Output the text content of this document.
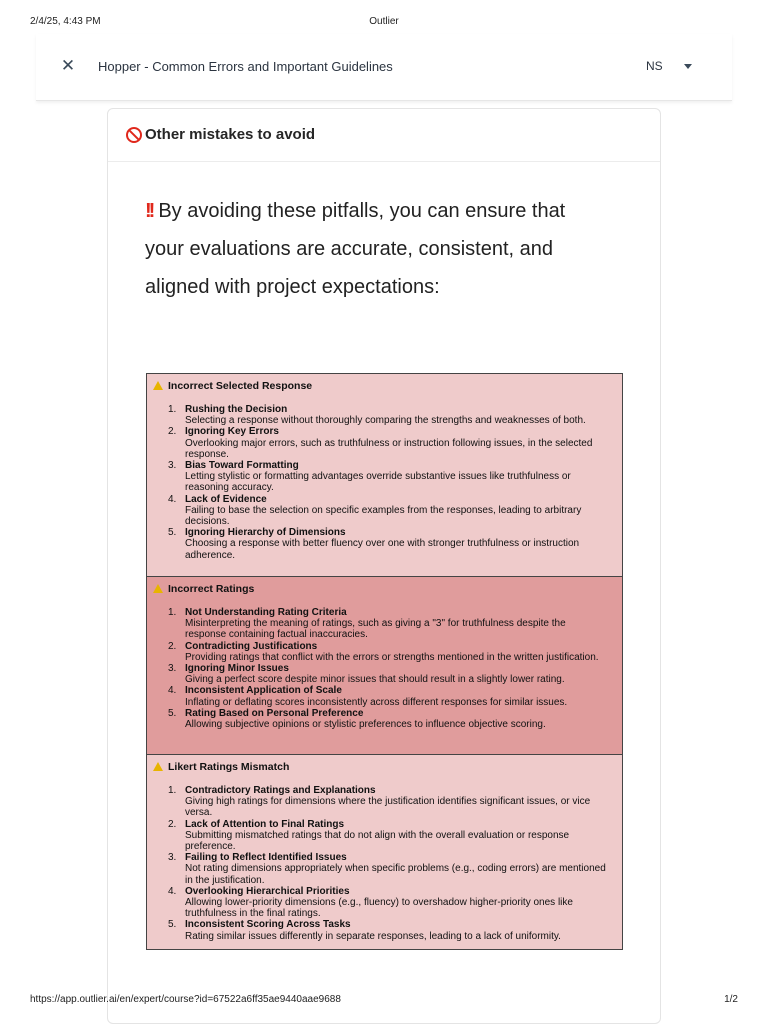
2/4/25, 4:43 PM	Outlier
✕ Hopper - Common Errors and Important Guidelines	NS
Other mistakes to avoid
!! By avoiding these pitfalls, you can ensure that
your evaluations are accurate, consistent, and
aligned with project expectations:
Incorrect Selected Response
1. Rushing the Decision
Selecting a response without thoroughly comparing the strengths and weaknesses of both.
2. Ignoring Key Errors
Overlooking major errors, such as truthfulness or instruction following issues, in the selected response.
3. Bias Toward Formatting
Letting stylistic or formatting advantages override substantive issues like truthfulness or reasoning accuracy.
4. Lack of Evidence
Failing to base the selection on specific examples from the responses, leading to arbitrary decisions.
5. Ignoring Hierarchy of Dimensions
Choosing a response with better fluency over one with stronger truthfulness or instruction adherence.
Incorrect Ratings
1. Not Understanding Rating Criteria
Misinterpreting the meaning of ratings, such as giving a "3" for truthfulness despite the response containing factual inaccuracies.
2. Contradicting Justifications
Providing ratings that conflict with the errors or strengths mentioned in the written justification.
3. Ignoring Minor Issues
Giving a perfect score despite minor issues that should result in a slightly lower rating.
4. Inconsistent Application of Scale
Inflating or deflating scores inconsistently across different responses for similar issues.
5. Rating Based on Personal Preference
Allowing subjective opinions or stylistic preferences to influence objective scoring.
Likert Ratings Mismatch
1. Contradictory Ratings and Explanations
Giving high ratings for dimensions where the justification identifies significant issues, or vice versa.
2. Lack of Attention to Final Ratings
Submitting mismatched ratings that do not align with the overall evaluation or response preference.
3. Failing to Reflect Identified Issues
Not rating dimensions appropriately when specific problems (e.g., coding errors) are mentioned in the justification.
4. Overlooking Hierarchical Priorities
Allowing lower-priority dimensions (e.g., fluency) to overshadow higher-priority ones like truthfulness in the final ratings.
5. Inconsistent Scoring Across Tasks
Rating similar issues differently in separate responses, leading to a lack of uniformity.
https://app.outlier.ai/en/expert/course?id=67522a6ff35ae9440aae9688	1/2
